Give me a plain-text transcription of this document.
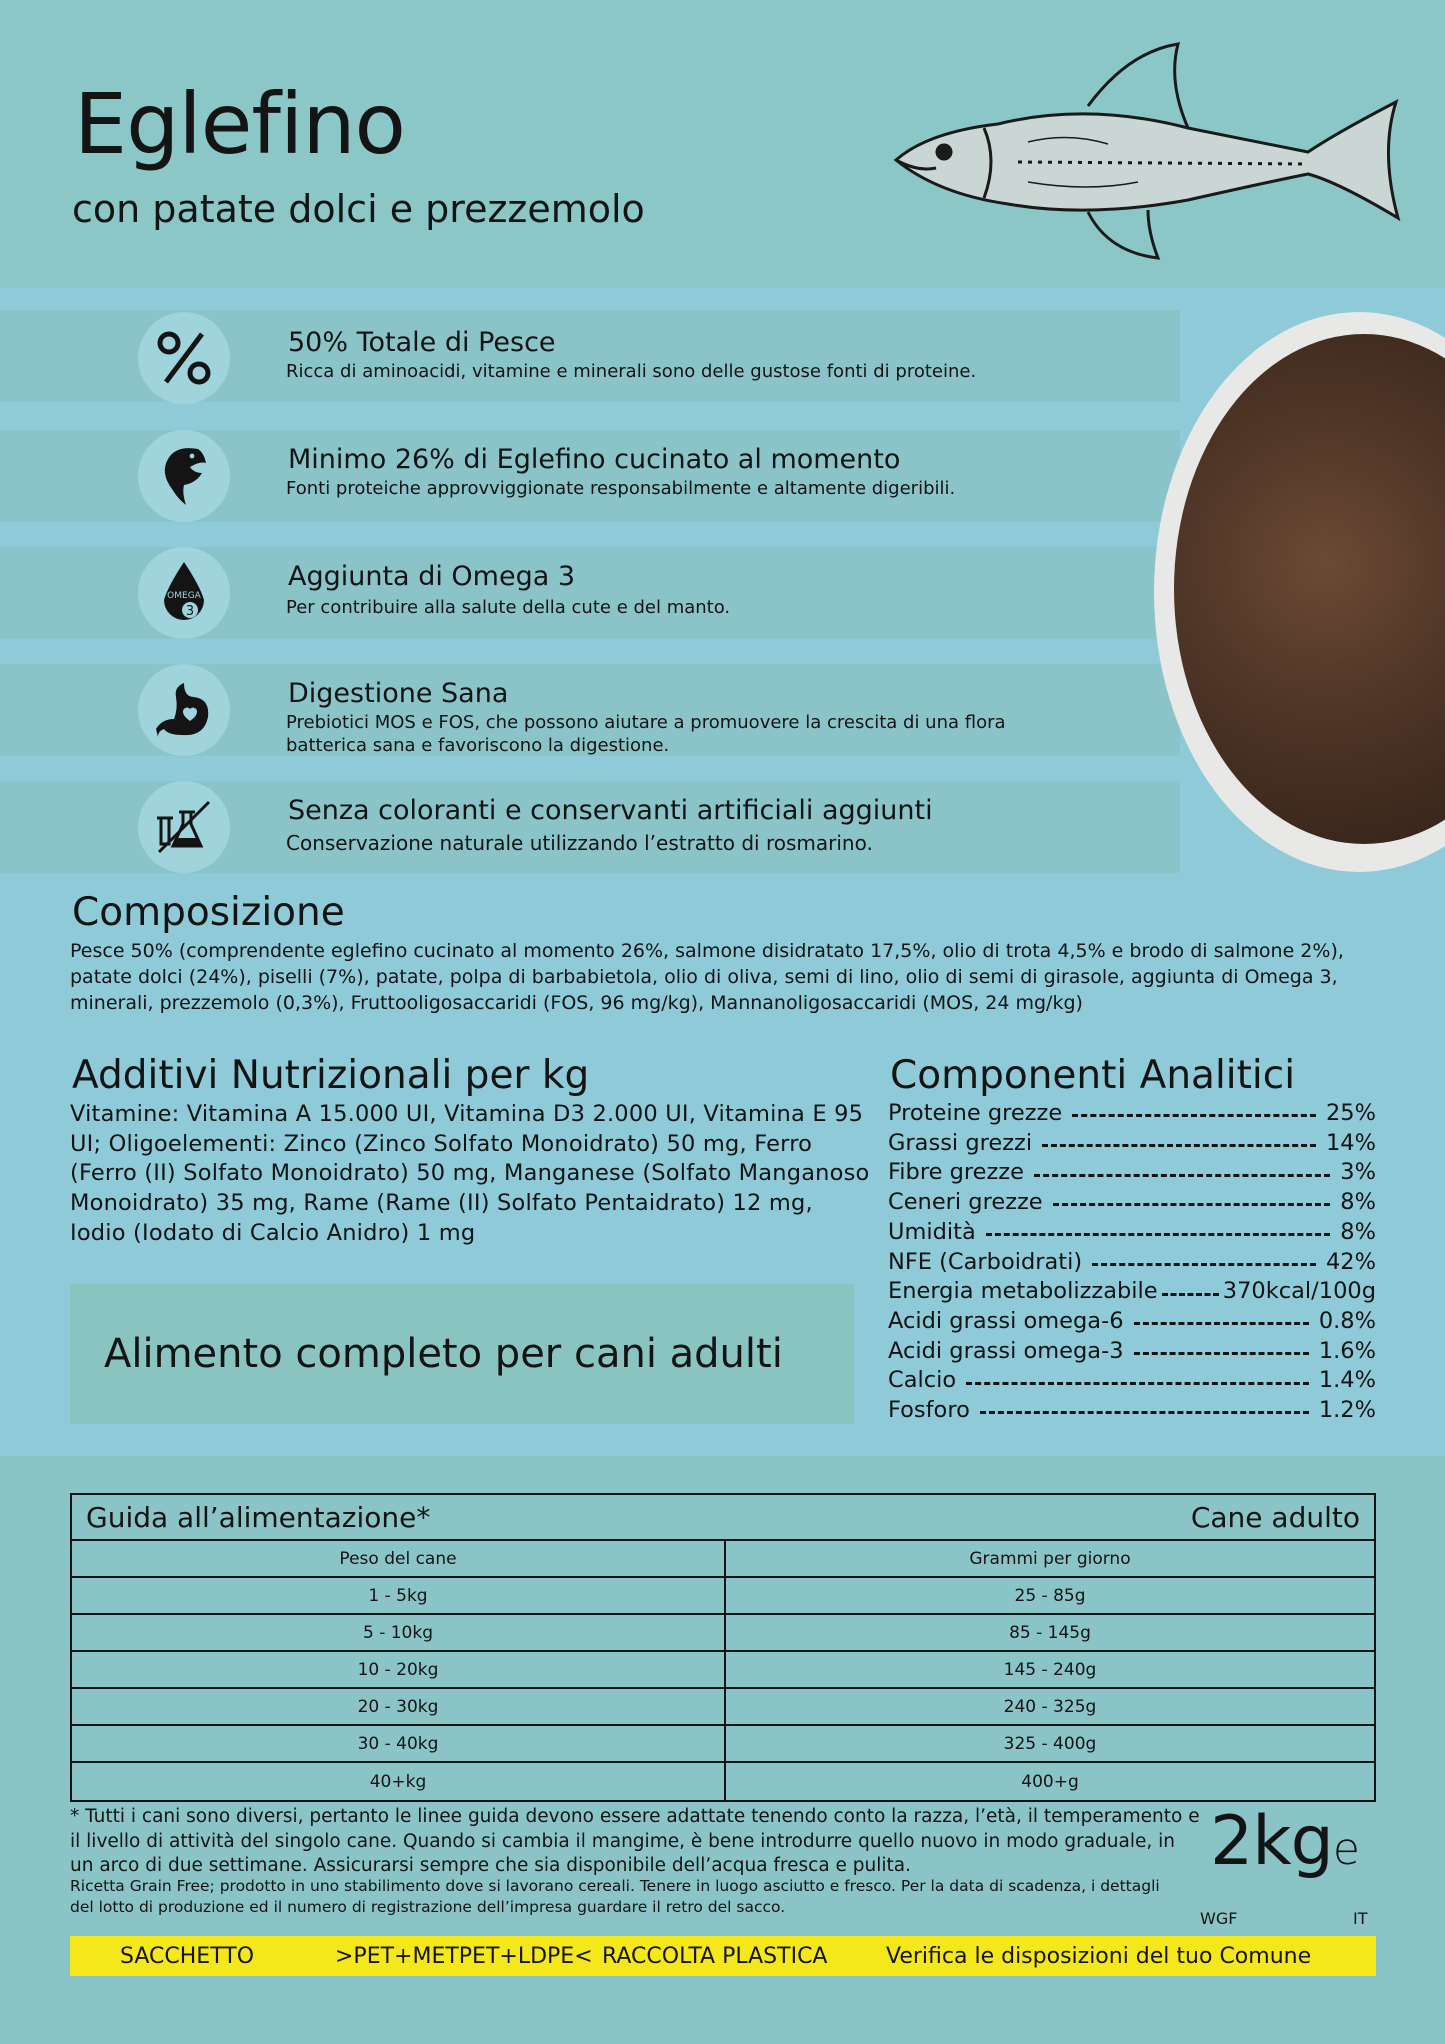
Eglefino
con patate dolci e prezzemolo
50% Totale di Pesce
Ricca di aminoacidi, vitamine e minerali sono delle gustose fonti di proteine.
Minimo 26% di Eglefino cucinato al momento
Fonti proteiche approvviggionate responsabilmente e altamente digeribili.
OMEGA
3
Aggiunta di Omega 3
Per contribuire alla salute della cute e del manto.
Digestione Sana
Prebiotici MOS e FOS, che possono aiutare a promuovere la crescita di una flora batterica sana e favoriscono la digestione.
Senza coloranti e conservanti artificiali aggiunti
Conservazione naturale utilizzando l’estratto di rosmarino.
Composizione
Pesce 50% (comprendente eglefino cucinato al momento 26%, salmone disidratato 17,5%, olio di trota 4,5% e brodo di salmone 2%), patate dolci (24%), piselli (7%), patate, polpa di barbabietola, olio di oliva, semi di lino, olio di semi di girasole, aggiunta di Omega 3, minerali, prezzemolo (0,3%), Fruttooligosaccaridi (FOS, 96 mg/kg), Mannanoligosaccaridi (MOS, 24 mg/kg)
Additivi Nutrizionali per kg
Vitamine: Vitamina A 15.000 UI, Vitamina D3 2.000 UI, Vitamina E 95 UI; Oligoelementi: Zinco (Zinco Solfato Monoidrato) 50 mg, Ferro (Ferro (II) Solfato Monoidrato) 50 mg, Manganese (Solfato Manganoso Monoidrato) 35 mg, Rame (Rame (II) Solfato Pentaidrato) 12 mg, Iodio (Iodato di Calcio Anidro) 1 mg
Alimento completo per cani adulti
Componenti Analitici
Proteine grezze	25%
Grassi grezzi	14%
Fibre grezze	3%
Ceneri grezze	8%
Umidità	8%
NFE (Carboidrati)	42%
Energia metabolizzabile	370kcal/100g
Acidi grassi omega-6	0.8%
Acidi grassi omega-3	1.6%
Calcio	1.4%
Fosforo	1.2%
Guida all’alimentazione*	Cane adulto
Peso del cane	Grammi per giorno
1 - 5kg	25 - 85g
5 - 10kg	85 - 145g
10 - 20kg	145 - 240g
20 - 30kg	240 - 325g
30 - 40kg	325 - 400g
40+kg	400+g
* Tutti i cani sono diversi, pertanto le linee guida devono essere adattate tenendo conto la razza, l’età, il temperamento e il livello di attività del singolo cane. Quando si cambia il mangime, è bene introdurre quello nuovo in modo graduale, in un arco di due settimane. Assicurarsi sempre che sia disponibile dell’acqua fresca e pulita.
Ricetta Grain Free; prodotto in uno stabilimento dove si lavorano cereali. Tenere in luogo asciutto e fresco. Per la data di scadenza, i dettagli del lotto di produzione ed il numero di registrazione dell’impresa guardare il retro del sacco.
2kge
WGF	IT
SACCHETTO	>PET+METPET+LDPE< RACCOLTA PLASTICA	Verifica le disposizioni del tuo Comune
